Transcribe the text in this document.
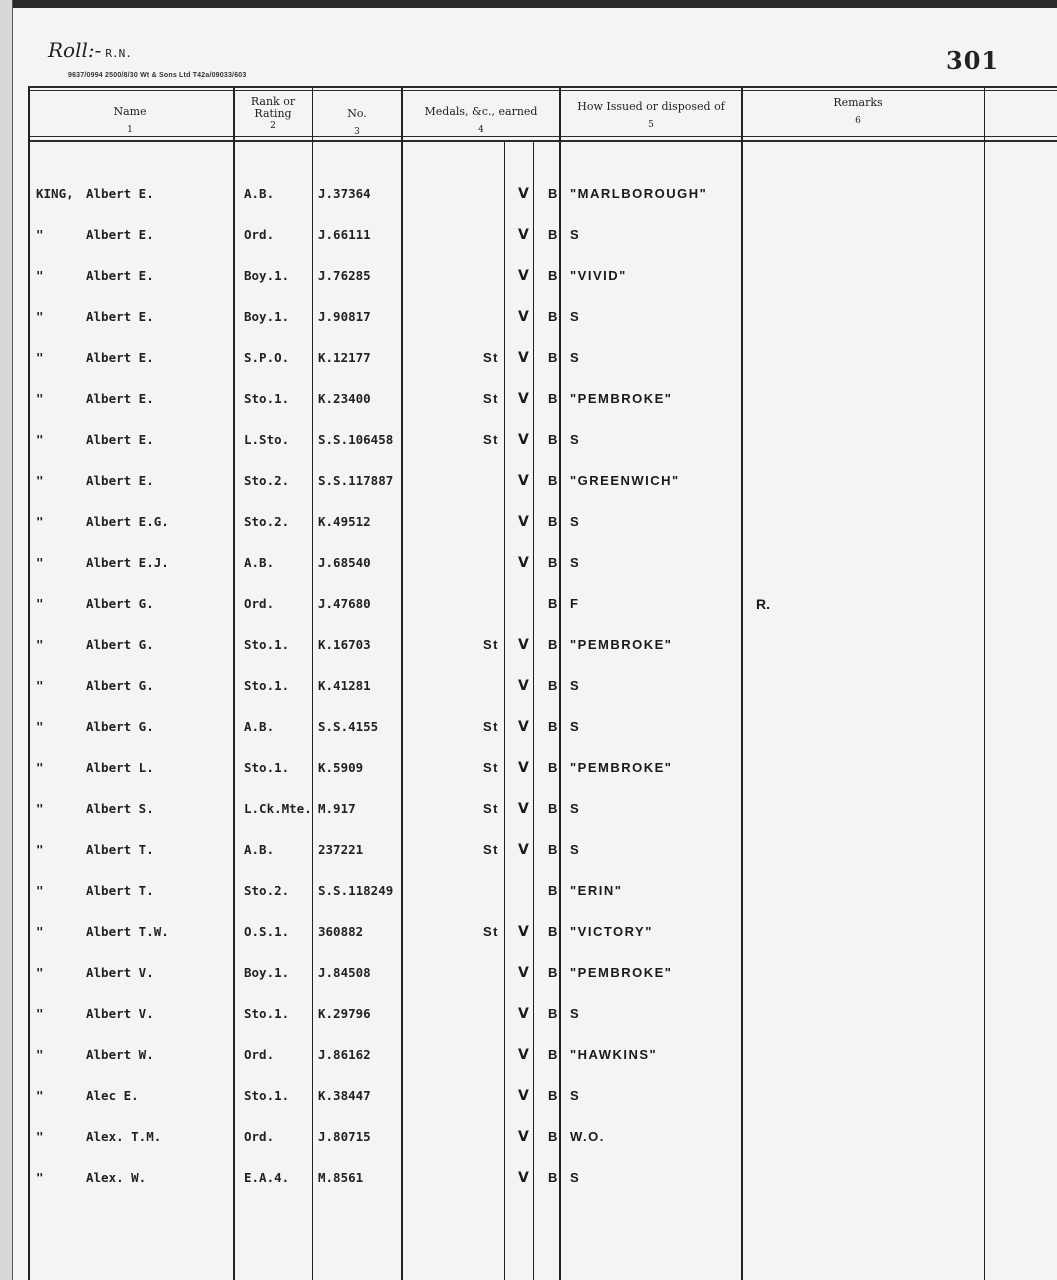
Roll:- R.N.
9637/0994 2500/8/30 Wt & Sons Ltd T42a/09033/603
301
Name
1
Rank or Rating
2
No.
3
Medals, &c., earned
4
How Issued or disposed of
5
Remarks
6
KING, Albert E.	A.B.	J.37364	V B "MARLBOROUGH"
"	Albert E.	Ord.	J.66111	V B S
"	Albert E.	Boy.1. J.76285	V B "VIVID"
"	Albert E.	Boy.1. J.90817	V B S
"	Albert E.	S.P.O. K.12177	St V B S
"	Albert E.	Sto.1. K.23400	St V B "PEMBROKE"
"	Albert E.	L.Sto. S.S.106458	St V B S
"	Albert E.	Sto.2. S.S.117887	V B "GREENWICH"
"	Albert E.G.	Sto.2. K.49512	V B S
"	Albert E.J.	A.B.	J.68540	V B S
"	Albert G.	Ord.	J.47680	B F	R.
"	Albert G.	Sto.1. K.16703	St V B "PEMBROKE"
"	Albert G.	Sto.1. K.41281	V B S
"	Albert G.	A.B.	S.S.4155	St V B S
"	Albert L.	Sto.1. K.5909	St V B "PEMBROKE"
"	Albert S.	L.Ck.Mte. M.917	St V B S
"	Albert T.	A.B.	237221	St V B S
"	Albert T.	Sto.2. S.S.118249	B "ERIN"
"	Albert T.W.	O.S.1. 360882	St V B "VICTORY"
"	Albert V.	Boy.1. J.84508	V B "PEMBROKE"
"	Albert V.	Sto.1. K.29796	V B S
"	Albert W.	Ord.	J.86162	V B "HAWKINS"
"	Alec E.	Sto.1. K.38447	V B S
"	Alex. T.M.	Ord.	J.80715	V B W.O.
"	Alex. W.	E.A.4. M.8561	V B S
